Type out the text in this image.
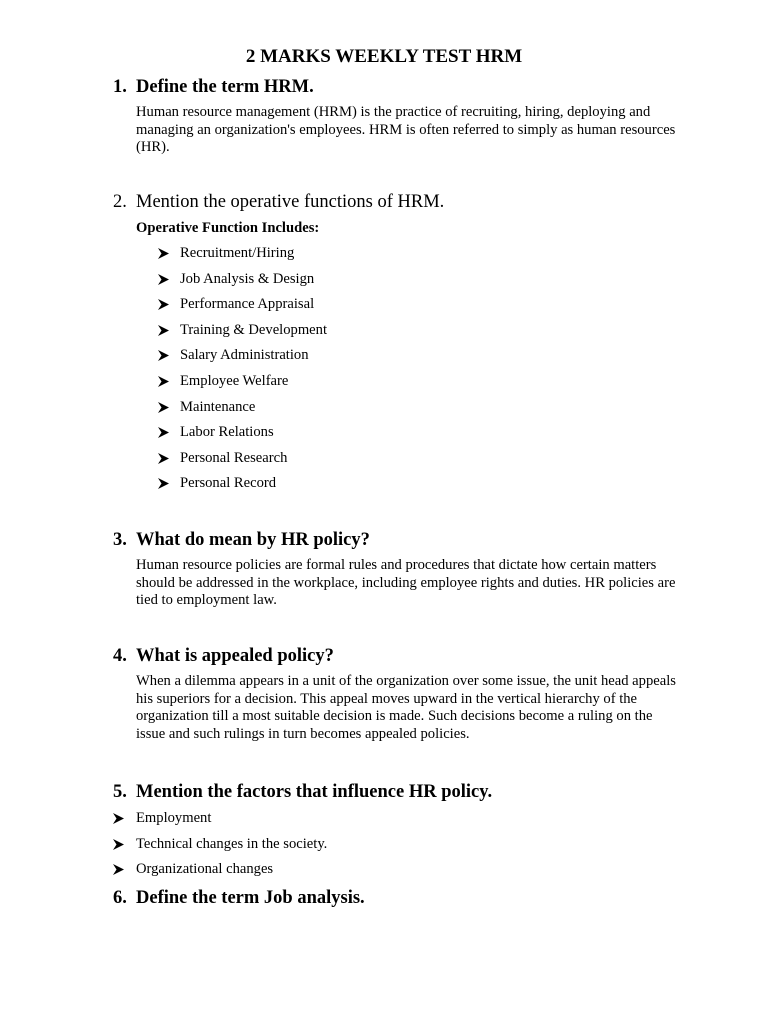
2 MARKS WEEKLY TEST HRM

1. Define the term HRM.

Human resource management (HRM) is the practice of recruiting, hiring, deploying and managing an organization's employees. HRM is often referred to simply as human resources (HR).

2. Mention the operative functions of HRM.

Operative Function Includes:

Recruitment/Hiring
Job Analysis & Design
Performance Appraisal
Training & Development
Salary Administration
Employee Welfare
Maintenance
Labor Relations
Personal Research
Personal Record

3. What do mean by HR policy?

Human resource policies are formal rules and procedures that dictate how certain matters should be addressed in the workplace, including employee rights and duties. HR policies are tied to employment law.

4. What is appealed policy?

When a dilemma appears in a unit of the organization over some issue, the unit head appeals his superiors for a decision. This appeal moves upward in the vertical hierarchy of the organization till a most suitable decision is made. Such decisions become a ruling on the issue and such rulings in turn becomes appealed policies.

5. Mention the factors that influence HR policy.

Employment
Technical changes in the society.
Organizational changes

6. Define the term Job analysis.
